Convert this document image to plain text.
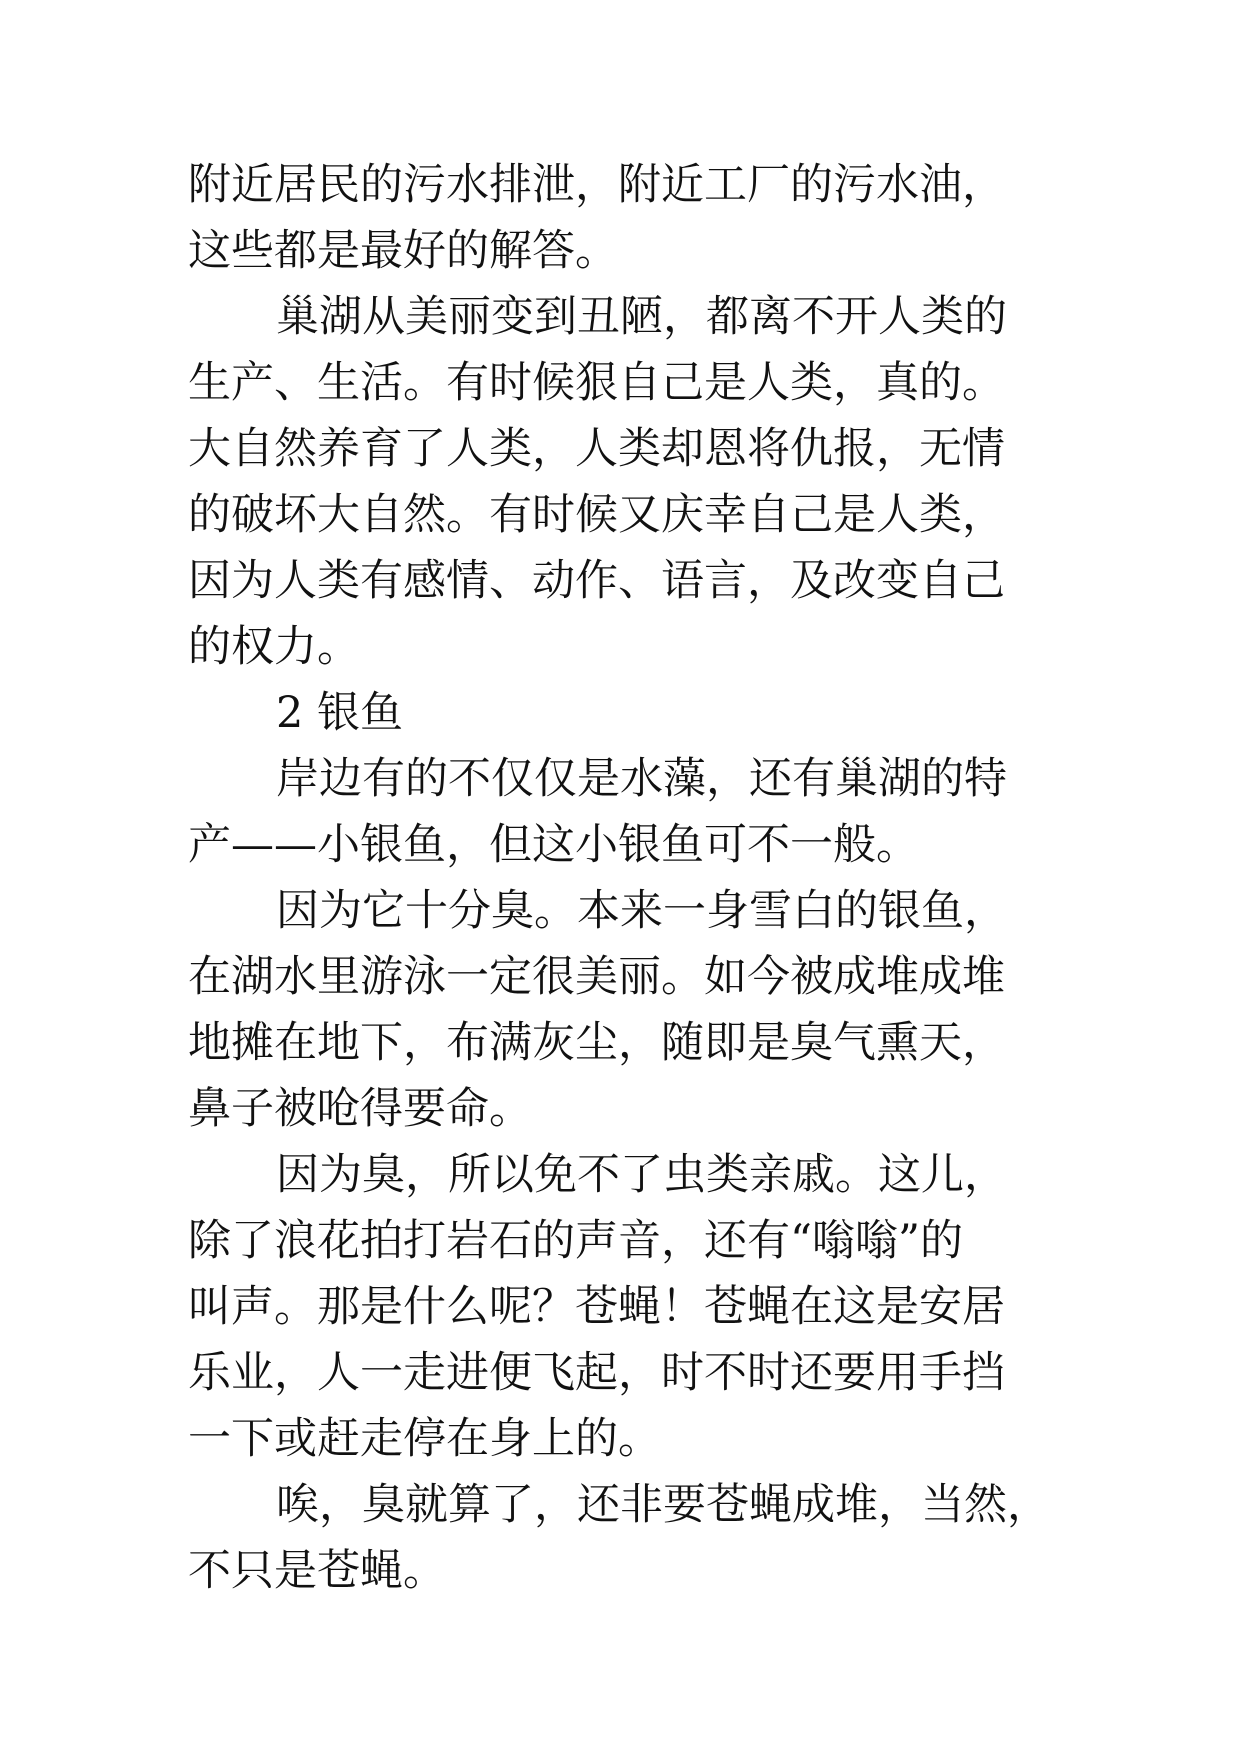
附近居民的污水排泄，附近工厂的污水油，
这些都是最好的解答。
巢湖从美丽变到丑陋，都离不开人类的
生产、生活。有时候狠自己是人类，真的。
大自然养育了人类，人类却恩将仇报，无情
的破坏大自然。有时候又庆幸自己是人类，
因为人类有感情、动作、语言，及改变自己
的权力。
2 银鱼
岸边有的不仅仅是水藻，还有巢湖的特
产——小银鱼，但这小银鱼可不一般。
因为它十分臭。本来一身雪白的银鱼，
在湖水里游泳一定很美丽。如今被成堆成堆
地摊在地下，布满灰尘，随即是臭气熏天，
鼻子被呛得要命。
因为臭，所以免不了虫类亲戚。这儿，
除了浪花拍打岩石的声音，还有“嗡嗡”的
叫声。那是什么呢？苍蝇！苍蝇在这是安居
乐业，人一走进便飞起，时不时还要用手挡
一下或赶走停在身上的。
唉，臭就算了，还非要苍蝇成堆，当然，
不只是苍蝇。
